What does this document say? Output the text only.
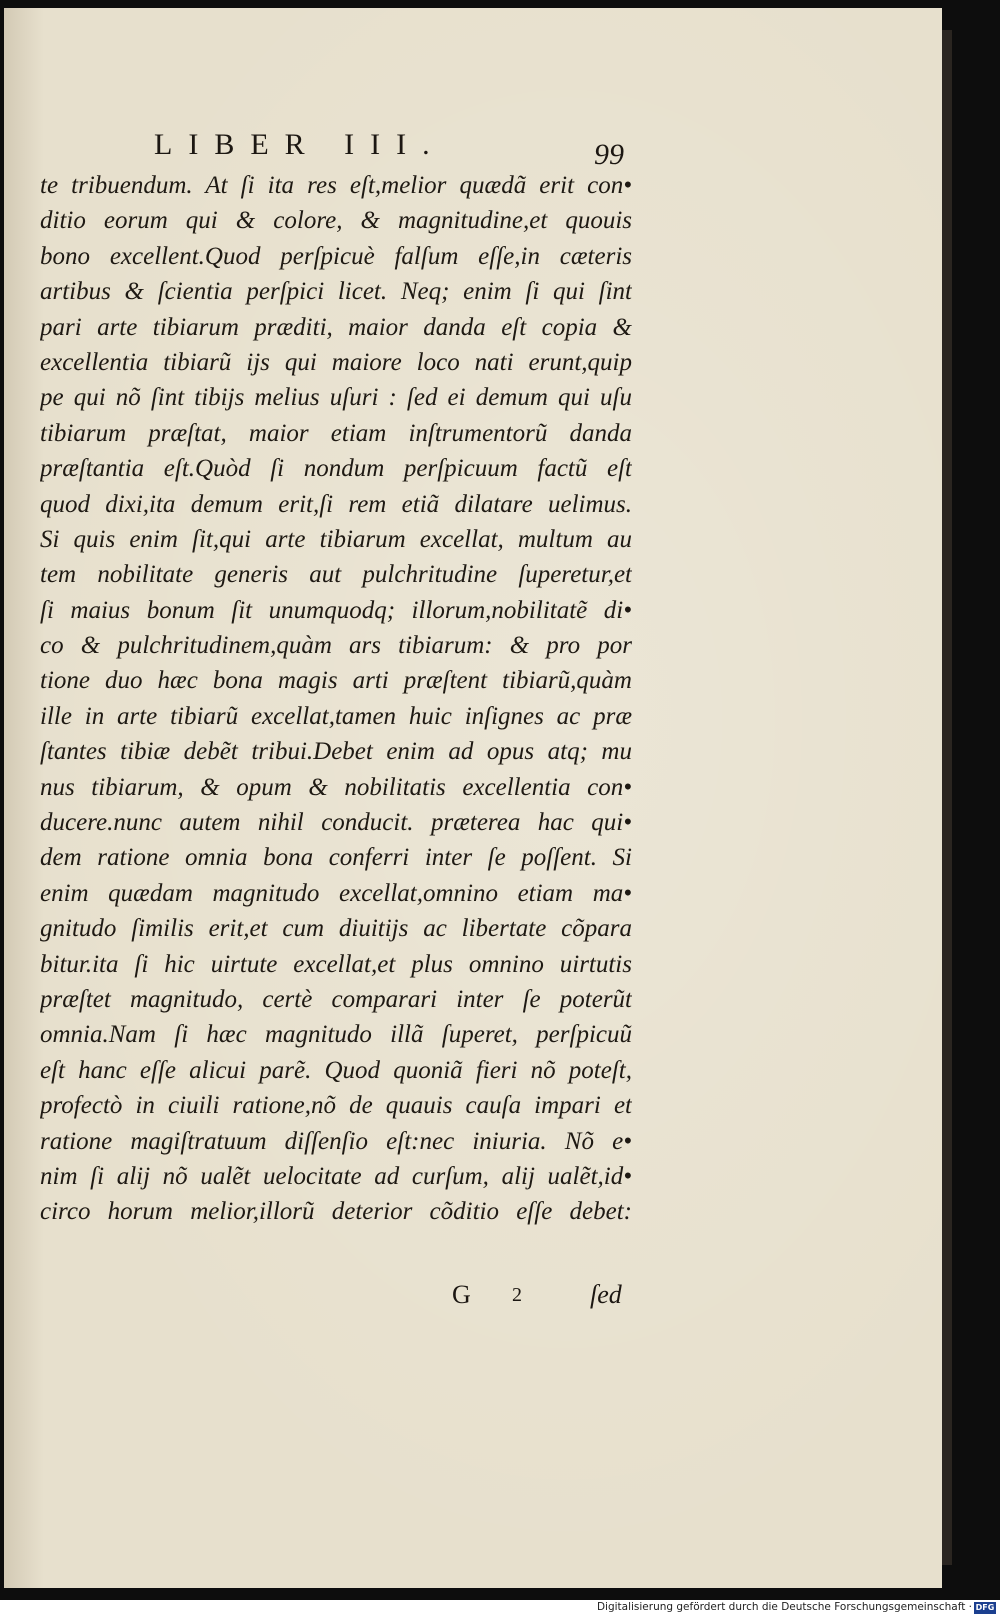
LIBER III.	99
te tribuendum. At ſi ita res eſt,melior quædã erit con•
ditio eorum qui & colore, & magnitudine,et quouis
bono excellent.Quod perſpicuè falſum eſſe,in cæteris
artibus & ſcientia perſpici licet. Neq; enim ſi qui ſint
pari arte tibiarum præditi, maior danda eſt copia &
excellentia tibiarũ ijs qui maiore loco nati erunt,quip
pe qui nõ ſint tibijs melius uſuri : ſed ei demum qui uſu
tibiarum præſtat, maior etiam inſtrumentorũ danda
præſtantia eſt.Quòd ſi nondum perſpicuum factũ eſt
quod dixi,ita demum erit,ſi rem etiã dilatare uelimus.
Si quis enim ſit,qui arte tibiarum excellat, multum au
tem nobilitate generis aut pulchritudine ſuperetur,et
ſi maius bonum ſit unumquodq; illorum,nobilitatẽ di•
co & pulchritudinem,quàm ars tibiarum: & pro por
tione duo hæc bona magis arti præſtent tibiarũ,quàm
ille in arte tibiarũ excellat,tamen huic inſignes ac præ
ſtantes tibiæ debẽt tribui.Debet enim ad opus atq; mu
nus tibiarum, & opum & nobilitatis excellentia con•
ducere.nunc autem nihil conducit. præterea hac qui•
dem ratione omnia bona conferri inter ſe poſſent. Si
enim quædam magnitudo excellat,omnino etiam ma•
gnitudo ſimilis erit,et cum diuitijs ac libertate cõpara
bitur.ita ſi hic uirtute excellat,et plus omnino uirtutis
præſtet magnitudo, certè comparari inter ſe poterũt
omnia.Nam ſi hæc magnitudo illã ſuperet, perſpicuũ
eſt hanc eſſe alicui parẽ. Quod quoniã fieri nõ poteſt,
profectò in ciuili ratione,nõ de quauis cauſa impari et
ratione magiſtratuum diſſenſio eſt:nec iniuria. Nõ e•
nim ſi alij nõ ualẽt uelocitate ad curſum, alij ualẽt,id•
circo horum melior,illorũ deterior cõditio eſſe debet:
G 2	ſed
Digitalisierung gefördert durch die Deutsche Forschungsgemeinschaft · DFG
